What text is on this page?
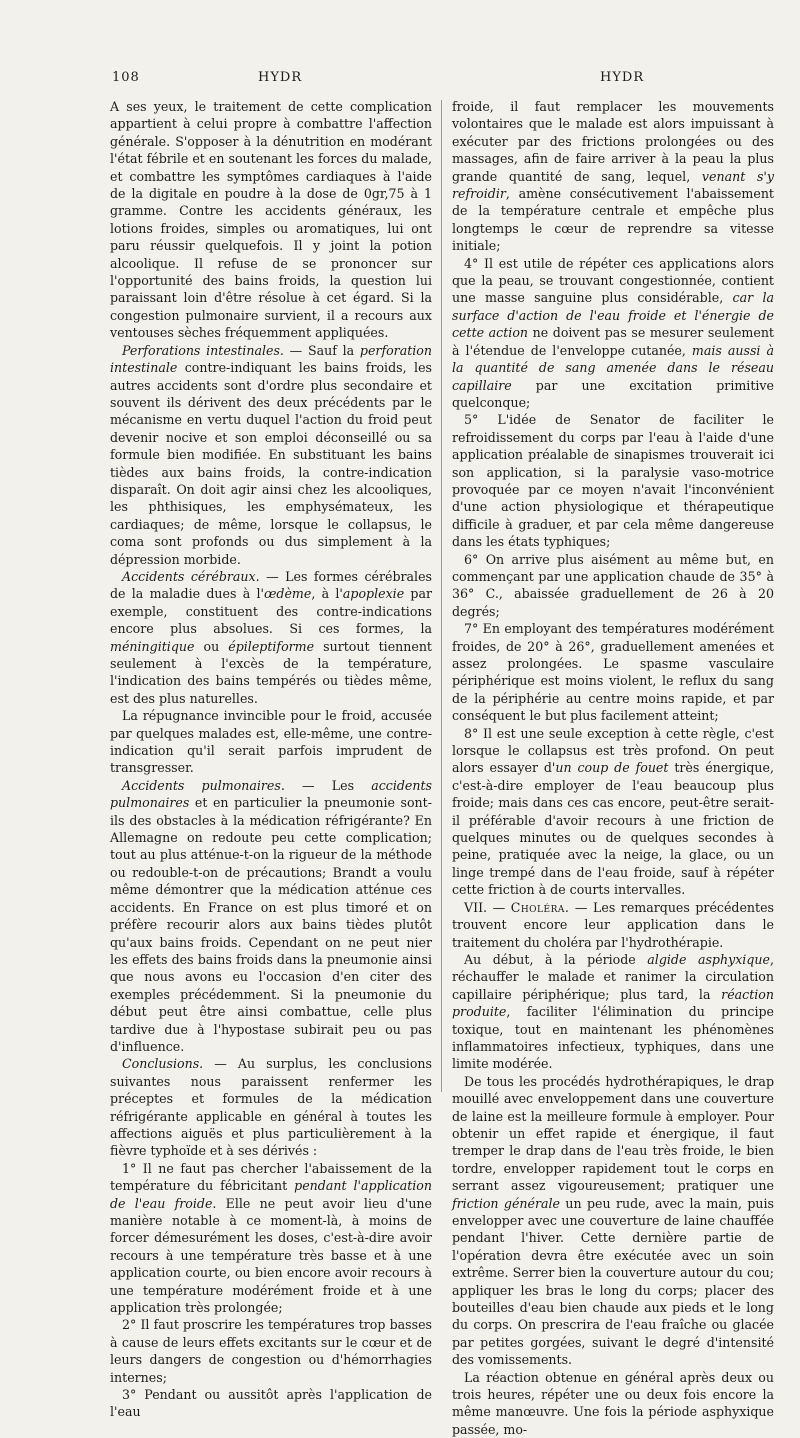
108	HYDR	HYDR

A ses yeux, le traitement de cette complication appartient à celui propre à combattre l'affection générale. S'opposer à la dénutrition en modérant l'état fébrile et en soutenant les forces du malade, et combattre les symptômes cardiaques à l'aide de la digitale en poudre à la dose de 0gr,75 à 1 gramme. Contre les accidents généraux, les lotions froides, simples ou aromatiques, lui ont paru réussir quelquefois. Il y joint la potion alcoolique. Il refuse de se prononcer sur l'opportunité des bains froids, la question lui paraissant loin d'être résolue à cet égard. Si la congestion pulmonaire survient, il a recours aux ventouses sèches fréquemment appliquées.

Perforations intestinales. — Sauf la perforation intestinale contre-indiquant les bains froids, les autres accidents sont d'ordre plus secondaire et souvent ils dérivent des deux précédents par le mécanisme en vertu duquel l'action du froid peut devenir nocive et son emploi déconseillé ou sa formule bien modifiée. En substituant les bains tièdes aux bains froids, la contre-indication disparaît. On doit agir ainsi chez les alcooliques, les phthisiques, les emphysémateux, les cardiaques; de même, lorsque le collapsus, le coma sont profonds ou dus simplement à la dépression morbide.

Accidents cérébraux. — Les formes cérébrales de la maladie dues à l'œdème, à l'apoplexie par exemple, constituent des contre-indications encore plus absolues. Si ces formes, la méningitique ou épileptiforme surtout tiennent seulement à l'excès de la température, l'indication des bains tempérés ou tièdes même, est des plus naturelles.

La répugnance invincible pour le froid, accusée par quelques malades est, elle-même, une contre-indication qu'il serait parfois imprudent de transgresser.

Accidents pulmonaires. — Les accidents pulmonaires et en particulier la pneumonie sont-ils des obstacles à la médication réfrigérante? En Allemagne on redoute peu cette complication; tout au plus atténue-t-on la rigueur de la méthode ou redouble-t-on de précautions; Brandt a voulu même démontrer que la médication atténue ces accidents. En France on est plus timoré et on préfère recourir alors aux bains tièdes plutôt qu'aux bains froids. Cependant on ne peut nier les effets des bains froids dans la pneumonie ainsi que nous avons eu l'occasion d'en citer des exemples précédemment. Si la pneumonie du début peut être ainsi combattue, celle plus tardive due à l'hypostase subirait peu ou pas d'influence.

Conclusions. — Au surplus, les conclusions suivantes nous paraissent renfermer les préceptes et formules de la médication réfrigérante applicable en général à toutes les affections aiguës et plus particulièrement à la fièvre typhoïde et à ses dérivés :

1° Il ne faut pas chercher l'abaissement de la température du fébricitant pendant l'application de l'eau froide. Elle ne peut avoir lieu d'une manière notable à ce moment-là, à moins de forcer démesurément les doses, c'est-à-dire avoir recours à une température très basse et à une application courte, ou bien encore avoir recours à une température modérément froide et à une application très prolongée;

2° Il faut proscrire les températures trop basses à cause de leurs effets excitants sur le cœur et de leurs dangers de congestion ou d'hémorrhagies internes;

3° Pendant ou aussitôt après l'application de l'eau

froide, il faut remplacer les mouvements volontaires que le malade est alors impuissant à exécuter par des frictions prolongées ou des massages, afin de faire arriver à la peau la plus grande quantité de sang, lequel, venant s'y refroidir, amène consécutivement l'abaissement de la température centrale et empêche plus longtemps le cœur de reprendre sa vitesse initiale;

4° Il est utile de répéter ces applications alors que la peau, se trouvant congestionnée, contient une masse sanguine plus considérable, car la surface d'action de l'eau froide et l'énergie de cette action ne doivent pas se mesurer seulement à l'étendue de l'enveloppe cutanée, mais aussi à la quantité de sang amenée dans le réseau capillaire par une excitation primitive quelconque;

5° L'idée de Senator de faciliter le refroidissement du corps par l'eau à l'aide d'une application préalable de sinapismes trouverait ici son application, si la paralysie vaso-motrice provoquée par ce moyen n'avait l'inconvénient d'une action physiologique et thérapeutique difficile à graduer, et par cela même dangereuse dans les états typhiques;

6° On arrive plus aisément au même but, en commençant par une application chaude de 35° à 36° C., abaissée graduellement de 26 à 20 degrés;

7° En employant des températures modérément froides, de 20° à 26°, graduellement amenées et assez prolongées. Le spasme vasculaire périphérique est moins violent, le reflux du sang de la périphérie au centre moins rapide, et par conséquent le but plus facilement atteint;

8° Il est une seule exception à cette règle, c'est lorsque le collapsus est très profond. On peut alors essayer d'un coup de fouet très énergique, c'est-à-dire employer de l'eau beaucoup plus froide; mais dans ces cas encore, peut-être serait-il préférable d'avoir recours à une friction de quelques minutes ou de quelques secondes à peine, pratiquée avec la neige, la glace, ou un linge trempé dans de l'eau froide, sauf à répéter cette friction à de courts intervalles.

VII. — Choléra. — Les remarques précédentes trouvent encore leur application dans le traitement du choléra par l'hydrothérapie.

Au début, à la période algide asphyxique, réchauffer le malade et ranimer la circulation capillaire périphérique; plus tard, la réaction produite, faciliter l'élimination du principe toxique, tout en maintenant les phénomènes inflammatoires infectieux, typhiques, dans une limite modérée.

De tous les procédés hydrothérapiques, le drap mouillé avec enveloppement dans une couverture de laine est la meilleure formule à employer. Pour obtenir un effet rapide et énergique, il faut tremper le drap dans de l'eau très froide, le bien tordre, envelopper rapidement tout le corps en serrant assez vigoureusement; pratiquer une friction générale un peu rude, avec la main, puis envelopper avec une couverture de laine chauffée pendant l'hiver. Cette dernière partie de l'opération devra être exécutée avec un soin extrême. Serrer bien la couverture autour du cou; appliquer les bras le long du corps; placer des bouteilles d'eau bien chaude aux pieds et le long du corps. On prescrira de l'eau fraîche ou glacée par petites gorgées, suivant le degré d'intensité des vomissements.

La réaction obtenue en général après deux ou trois heures, répéter une ou deux fois encore la même manœuvre. Une fois la période asphyxique passée, mo-
